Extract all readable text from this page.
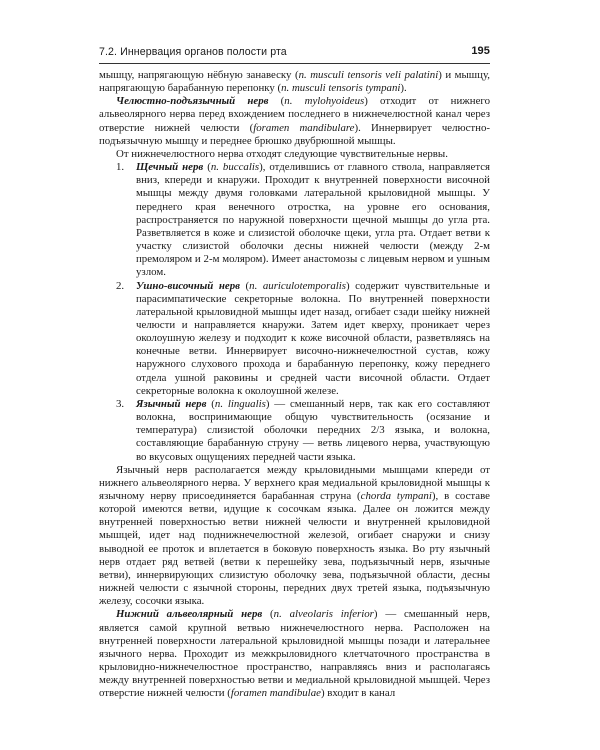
7.2. Иннервация органов полости рта	195

мышцу, напрягающую нёбную занавеску (n. musculi tensoris veli palatini) и мышцу, напрягающую барабанную перепонку (n. musculi tensoris tympani).

Челюстно-подъязычный нерв (n. mylohyoideus) отходит от нижнего альвеолярного нерва перед вхождением последнего в нижнечелюстной канал через отверстие нижней челюсти (foramen mandibulare). Иннервирует челюстно-подъязычную мышцу и переднее брюшко двубрюшной мышцы.

От нижнечелюстного нерва отходят следующие чувствительные нервы.

1. Щечный нерв (n. buccalis), отделившись от главного ствола, направляется вниз, кпереди и кнаружи. Проходит к внутренней поверхности височной мышцы между двумя головками латеральной крыловидной мышцы. У переднего края венечного отростка, на уровне его основания, распространяется по наружной поверхности щечной мышцы до угла рта. Разветвляется в коже и слизистой оболочке щеки, угла рта. Отдает ветви к участку слизистой оболочки десны нижней челюсти (между 2-м премоляром и 2-м моляром). Имеет анастомозы с лицевым нервом и ушным узлом.
2. Ушно-височный нерв (n. auriculotemporalis) содержит чувствительные и парасимпатические секреторные волокна. По внутренней поверхности латеральной крыловидной мышцы идет назад, огибает сзади шейку нижней челюсти и направляется кнаружи. Затем идет кверху, проникает через околоушную железу и подходит к коже височной области, разветвляясь на конечные ветви. Иннервирует височно-нижнечелюстной сустав, кожу наружного слухового прохода и барабанную перепонку, кожу переднего отдела ушной раковины и средней части височной области. Отдает секреторные волокна к околоушной железе.
3. Язычный нерв (n. lingualis) — смешанный нерв, так как его составляют волокна, воспринимающие общую чувствительность (осязание и температура) слизистой оболочки передних 2/3 языка, и волокна, составляющие барабанную струну — ветвь лицевого нерва, участвующую во вкусовых ощущениях передней части языка.

Язычный нерв располагается между крыловидными мышцами кпереди от нижнего альвеолярного нерва. У верхнего края медиальной крыловидной мышцы к язычному нерву присоединяется барабанная струна (chorda tympani), в составе которой имеются ветви, идущие к сосочкам языка. Далее он ложится между внутренней поверхностью ветви нижней челюсти и внутренней крыловидной мышцей, идет над поднижнечелюстной железой, огибает снаружи и снизу выводной ее проток и вплетается в боковую поверхность языка. Во рту язычный нерв отдает ряд ветвей (ветви к перешейку зева, подъязычный нерв, язычные ветви), иннервирующих слизистую оболочку зева, подъязычной области, десны нижней челюсти с язычной стороны, передних двух третей языка, подъязычную железу, сосочки языка.

Нижний альвеолярный нерв (n. alveolaris inferior) — смешанный нерв, является самой крупной ветвью нижнечелюстного нерва. Расположен на внутренней поверхности латеральной крыловидной мышцы позади и латеральнее язычного нерва. Проходит из межкрыловидного клетчаточного пространства в крыловидно-нижнечелюстное пространство, направляясь вниз и располагаясь между внутренней поверхностью ветви и медиальной крыловидной мышцей. Через отверстие нижней челюсти (foramen mandibulae) входит в канал
